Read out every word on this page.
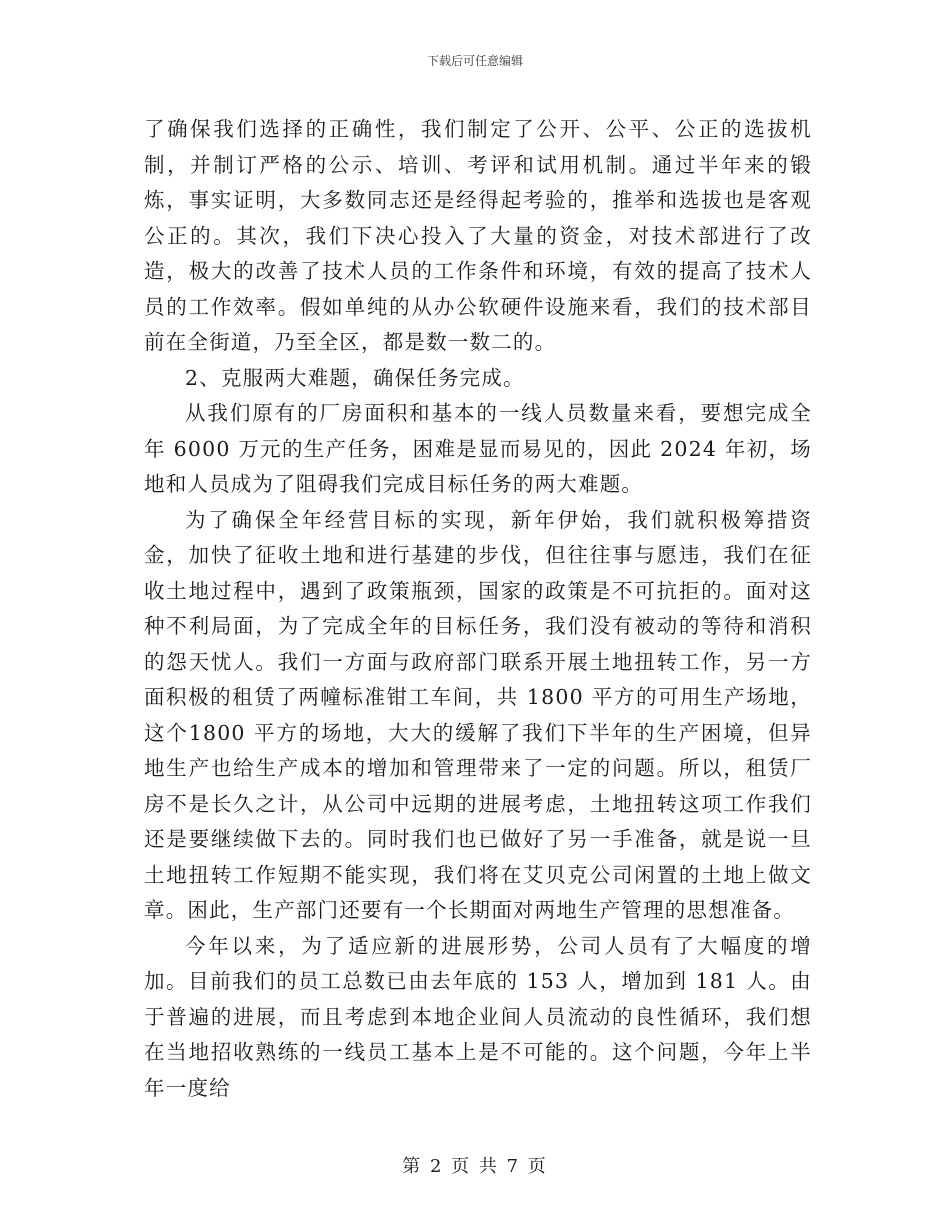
下载后可任意编辑

了确保我们选择的正确性，我们制定了公开、公平、公正的选拔机制，并制订严格的公示、培训、考评和试用机制。通过半年来的锻炼，事实证明，大多数同志还是经得起考验的，推举和选拔也是客观公正的。其次，我们下决心投入了大量的资金，对技术部进行了改造，极大的改善了技术人员的工作条件和环境，有效的提高了技术人员的工作效率。假如单纯的从办公软硬件设施来看，我们的技术部目前在全街道，乃至全区，都是数一数二的。

2、克服两大难题，确保任务完成。

从我们原有的厂房面积和基本的一线人员数量来看，要想完成全年 6000 万元的生产任务，困难是显而易见的，因此 2024 年初，场地和人员成为了阻碍我们完成目标任务的两大难题。

为了确保全年经营目标的实现，新年伊始，我们就积极筹措资金，加快了征收土地和进行基建的步伐，但往往事与愿违，我们在征收土地过程中，遇到了政策瓶颈，国家的政策是不可抗拒的。面对这种不利局面，为了完成全年的目标任务，我们没有被动的等待和消积的怨天忧人。我们一方面与政府部门联系开展土地扭转工作，另一方面积极的租赁了两幢标准钳工车间，共 1800 平方的可用生产场地，这个1800 平方的场地，大大的缓解了我们下半年的生产困境，但异地生产也给生产成本的增加和管理带来了一定的问题。所以，租赁厂房不是长久之计，从公司中远期的进展考虑，土地扭转这项工作我们还是要继续做下去的。同时我们也已做好了另一手准备，就是说一旦土地扭转工作短期不能实现，我们将在艾贝克公司闲置的土地上做文章。困此，生产部门还要有一个长期面对两地生产管理的思想准备。

今年以来，为了适应新的进展形势，公司人员有了大幅度的增加。目前我们的员工总数已由去年底的 153 人，增加到 181 人。由于普遍的进展，而且考虑到本地企业间人员流动的良性循环，我们想在当地招收熟练的一线员工基本上是不可能的。这个问题，今年上半年一度给

第 2 页 共 7 页
